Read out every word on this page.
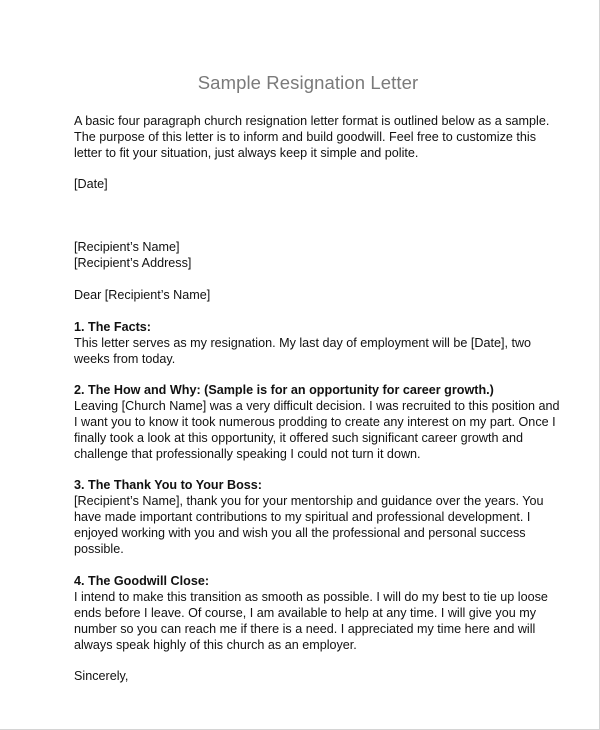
Sample Resignation Letter
A basic four paragraph church resignation letter format is outlined below as a sample.
The purpose of this letter is to inform and build goodwill. Feel free to customize this
letter to fit your situation, just always keep it simple and polite.
[Date]
[Recipient’s Name]
[Recipient’s Address]
Dear [Recipient’s Name]
1. The Facts:
This letter serves as my resignation. My last day of employment will be [Date], two
weeks from today.
2. The How and Why: (Sample is for an opportunity for career growth.)
Leaving [Church Name] was a very difficult decision. I was recruited to this position and
I want you to know it took numerous prodding to create any interest on my part. Once I
finally took a look at this opportunity, it offered such significant career growth and
challenge that professionally speaking I could not turn it down.
3. The Thank You to Your Boss:
[Recipient’s Name], thank you for your mentorship and guidance over the years. You
have made important contributions to my spiritual and professional development. I
enjoyed working with you and wish you all the professional and personal success
possible.
4. The Goodwill Close:
I intend to make this transition as smooth as possible. I will do my best to tie up loose
ends before I leave. Of course, I am available to help at any time. I will give you my
number so you can reach me if there is a need. I appreciated my time here and will
always speak highly of this church as an employer.
Sincerely,
